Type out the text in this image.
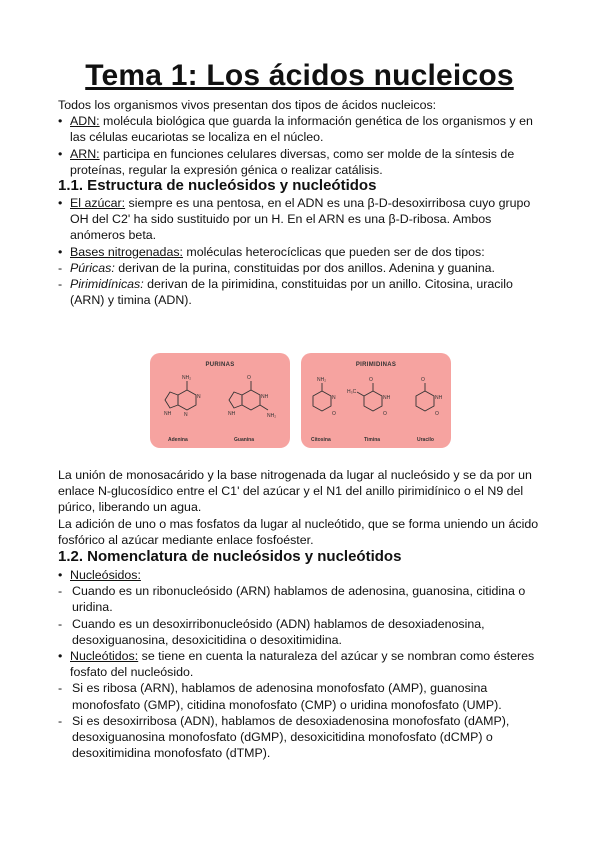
Tema 1: Los ácidos nucleicos

Todos los organismos vivos presentan dos tipos de ácidos nucleicos:

• ADN: molécula biológica que guarda la información genética de los organismos y en las células eucariotas se localiza en el núcleo.
• ARN: participa en funciones celulares diversas, como ser molde de la síntesis de proteínas, regular la expresión génica o realizar catálisis.
1.1. Estructura de nucleósidos y nucleótidos
• El azúcar: siempre es una pentosa, en el ADN es una β-D-desoxirribosa cuyo grupo OH del C2' ha sido sustituido por un H. En el ARN es una β-D-ribosa. Ambos anómeros beta.
• Bases nitrogenadas: moléculas heterocíclicas que pueden ser de dos tipos:
- Púricas: derivan de la purina, constituidas por dos anillos. Adenina y guanina.
- Pirimidínicas: derivan de la pirimidina, constituidas por un anillo. Citosina, uracilo (ARN) y timina (ADN).
PURINAS
NH₂
N
N
NH
O
NH
NH₂
NH
Adenina	Guanina
PIRIMIDINAS
NH₂
N
O
O
H₃C
NH
O
O
NH
O
Citosina	Timina	Uracilo

La unión de monosacárido y la base nitrogenada da lugar al nucleósido y se da por un enlace N-glucosídico entre el C1' del azúcar y el N1 del anillo pirimidínico o el N9 del púrico, liberando un agua.

La adición de uno o mas fosfatos da lugar al nucleótido, que se forma uniendo un ácido fosfórico al azúcar mediante enlace fosfoéster.

1.2. Nomenclatura de nucleósidos y nucleótidos
• Nucleósidos:
- Cuando es un ribonucleósido (ARN) hablamos de adenosina, guanosina, citidina o uridina.
- Cuando es un desoxirribonucleósido (ADN) hablamos de desoxiadenosina, desoxiguanosina, desoxicitidina o desoxitimidina.
• Nucleótidos: se tiene en cuenta la naturaleza del azúcar y se nombran como ésteres fosfato del nucleósido.
- Si es ribosa (ARN), hablamos de adenosina monofosfato (AMP), guanosina monofosfato (GMP), citidina monofosfato (CMP) o uridina monofosfato (UMP).
- Si es desoxirribosa (ADN), hablamos de desoxiadenosina monofosfato (dAMP), desoxiguanosina monofosfato (dGMP), desoxicitidina monofosfato (dCMP) o desoxitimidina monofosfato (dTMP).
